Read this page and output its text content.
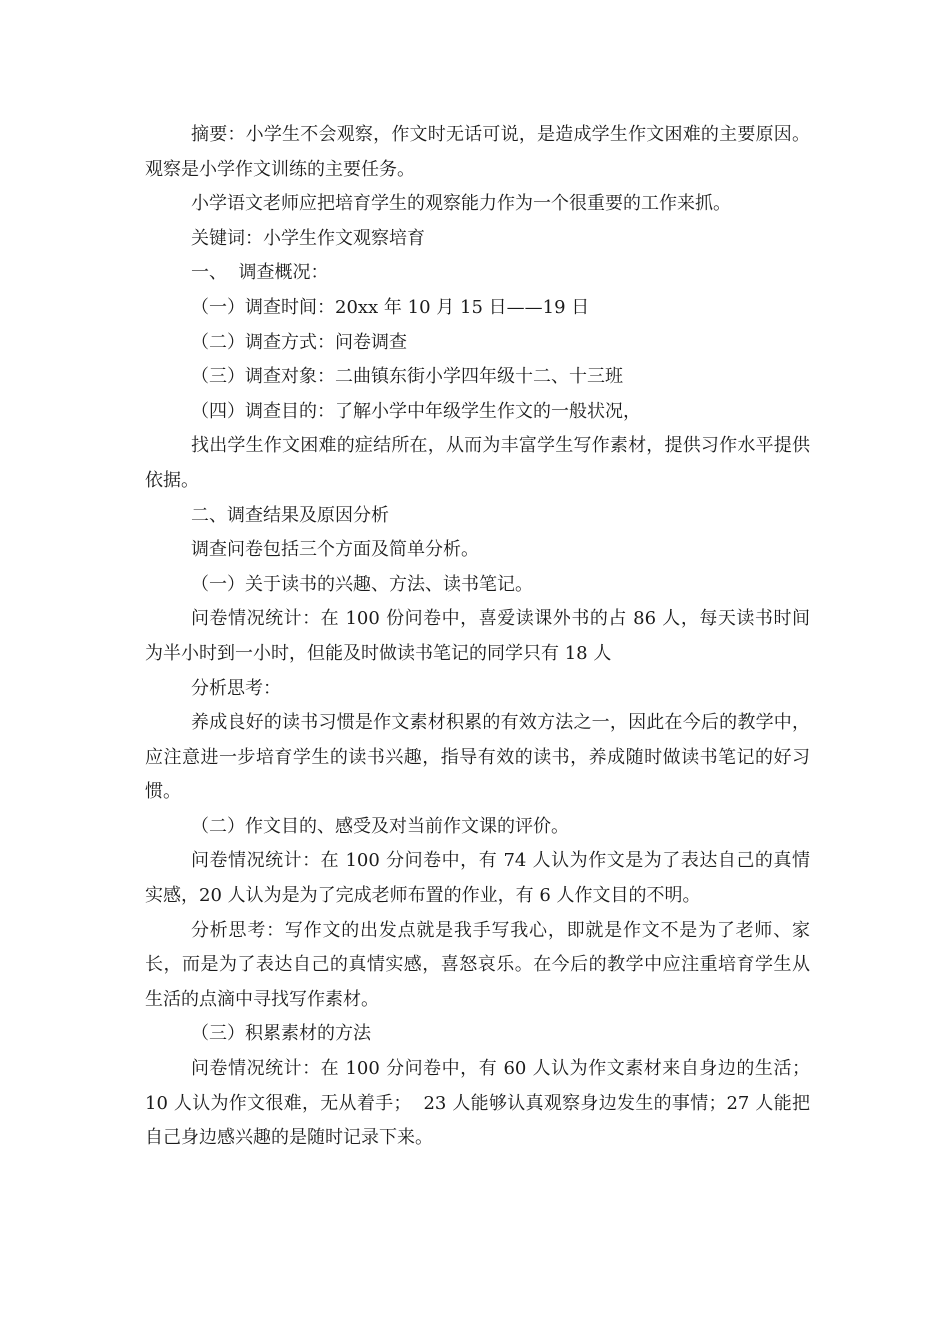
摘要：小学生不会观察，作文时无话可说，是造成学生作文困难的主要原因。观察是小学作文训练的主要任务。

小学语文老师应把培育学生的观察能力作为一个很重要的工作来抓。

关键词：小学生作文观察培育

一、  调查概况：

（一）调查时间：20xx 年 10 月 15 日——19 日

（二）调查方式：问卷调查

（三）调查对象：二曲镇东街小学四年级十二、十三班

（四）调查目的：了解小学中年级学生作文的一般状况，

找出学生作文困难的症结所在，从而为丰富学生写作素材，提供习作水平提供依据。

二、调查结果及原因分析

调查问卷包括三个方面及简单分析。

（一）关于读书的兴趣、方法、读书笔记。

问卷情况统计：在 100 份问卷中，喜爱读课外书的占 86 人，每天读书时间为半小时到一小时，但能及时做读书笔记的同学只有 18 人

分析思考：

养成良好的读书习惯是作文素材积累的有效方法之一，因此在今后的教学中，应注意进一步培育学生的读书兴趣，指导有效的读书，养成随时做读书笔记的好习惯。

（二）作文目的、感受及对当前作文课的评价。

问卷情况统计：在 100 分问卷中，有 74 人认为作文是为了表达自己的真情实感，20 人认为是为了完成老师布置的作业，有 6 人作文目的不明。

分析思考：写作文的出发点就是我手写我心，即就是作文不是为了老师、家长，而是为了表达自己的真情实感，喜怒哀乐。在今后的教学中应注重培育学生从生活的点滴中寻找写作素材。

（三）积累素材的方法

问卷情况统计：在 100 分问卷中，有 60 人认为作文素材来自身边的生活；10 人认为作文很难，无从着手；  23 人能够认真观察身边发生的事情；27 人能把自己身边感兴趣的是随时记录下来。
